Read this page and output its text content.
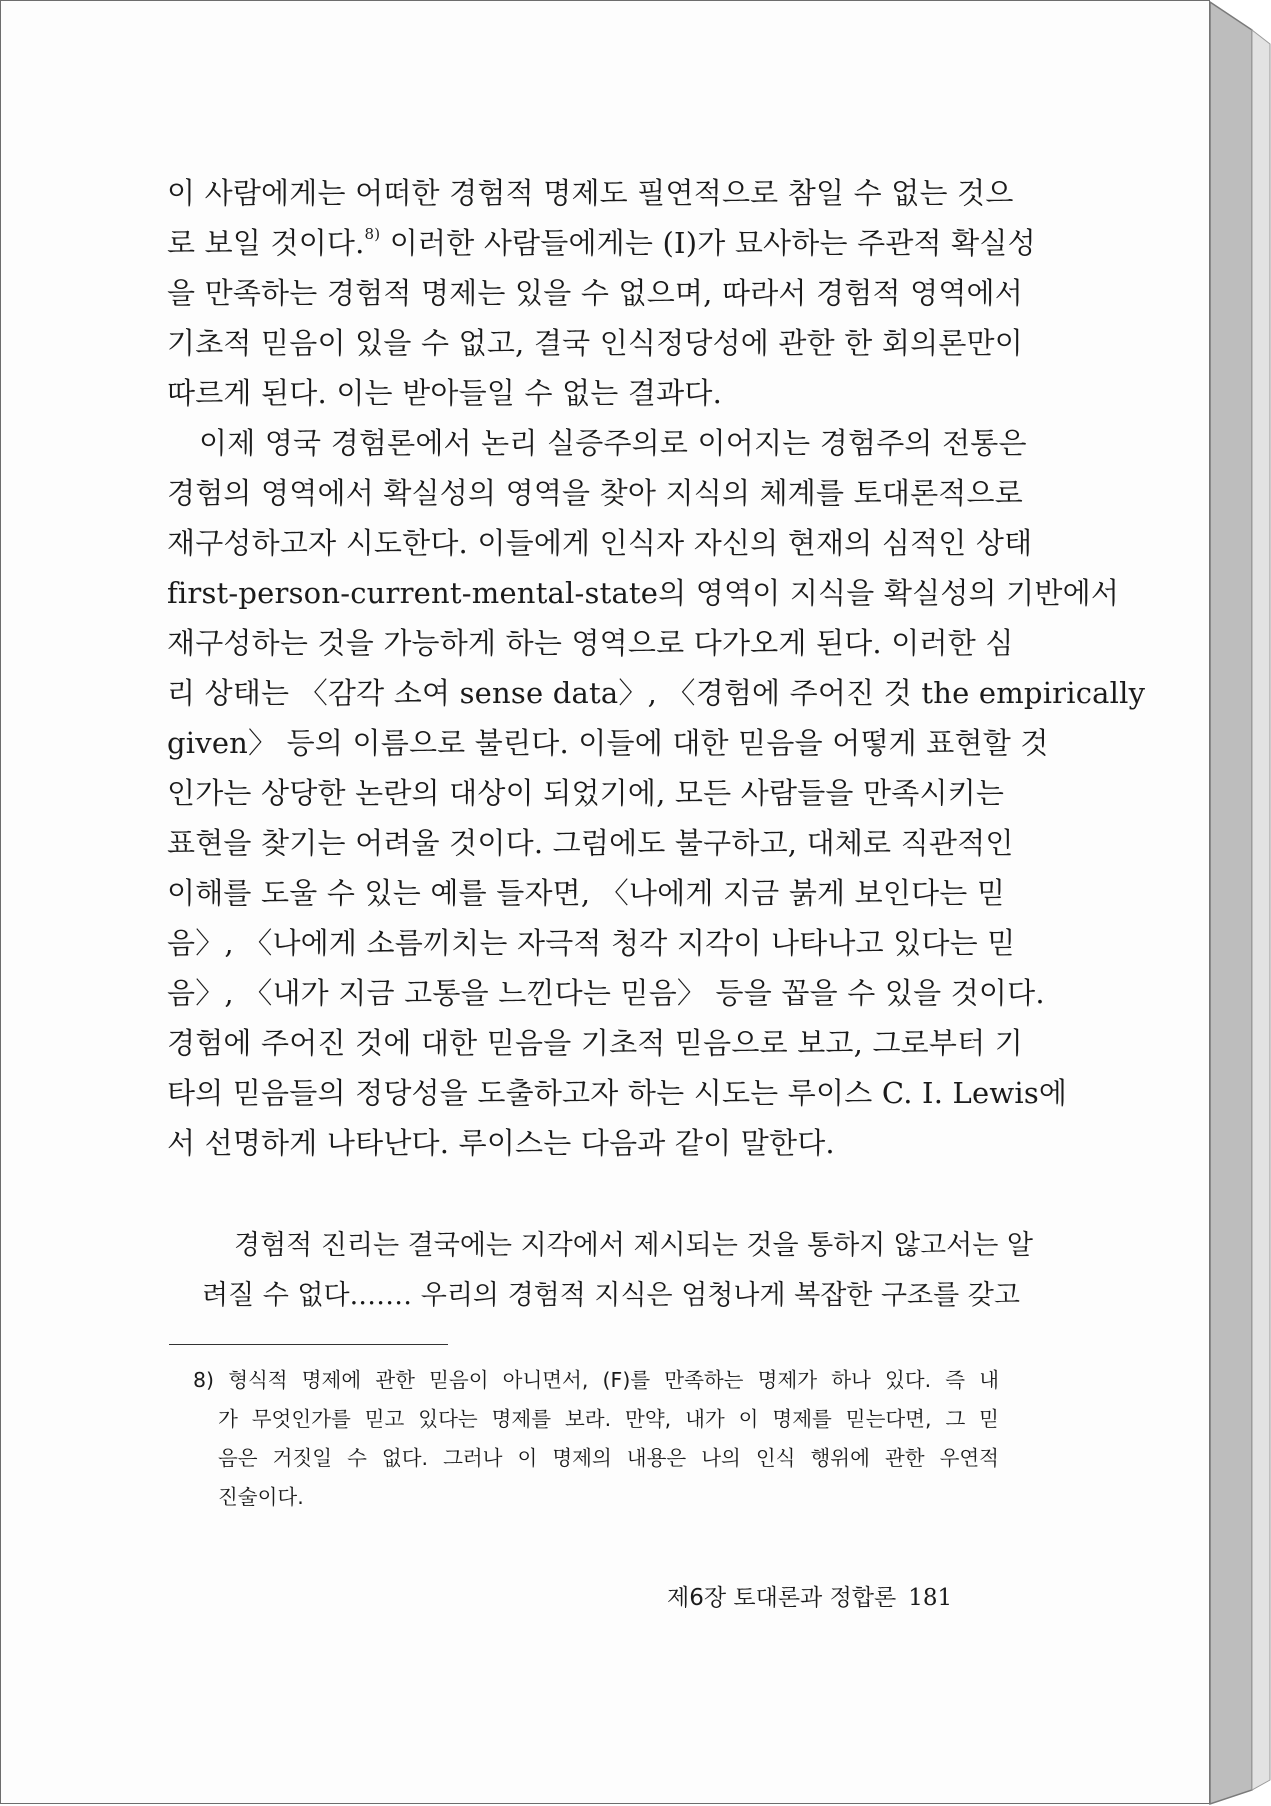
이 사람에게는 어떠한 경험적 명제도 필연적으로 참일 수 없는 것으
로 보일 것이다.$^{8)}$ 이러한 사람들에게는 (I)가 묘사하는 주관적 확실성
을 만족하는 경험적 명제는 있을 수 없으며, 따라서 경험적 영역에서
기초적 믿음이 있을 수 없고, 결국 인식정당성에 관한 한 회의론만이
따르게 된다. 이는 받아들일 수 없는 결과다.
이제 영국 경험론에서 논리 실증주의로 이어지는 경험주의 전통은
경험의 영역에서 확실성의 영역을 찾아 지식의 체계를 토대론적으로
재구성하고자 시도한다. 이들에게 인식자 자신의 현재의 심적인 상태
first-person-current-mental-state의 영역이 지식을 확실성의 기반에서
재구성하는 것을 가능하게 하는 영역으로 다가오게 된다. 이러한 심
리 상태는 〈감각 소여 sense data〉, 〈경험에 주어진 것 the empirically
given〉 등의 이름으로 불린다. 이들에 대한 믿음을 어떻게 표현할 것
인가는 상당한 논란의 대상이 되었기에, 모든 사람들을 만족시키는
표현을 찾기는 어려울 것이다. 그럼에도 불구하고, 대체로 직관적인
이해를 도울 수 있는 예를 들자면, 〈나에게 지금 붉게 보인다는 믿
음〉, 〈나에게 소름끼치는 자극적 청각 지각이 나타나고 있다는 믿
음〉, 〈내가 지금 고통을 느낀다는 믿음〉 등을 꼽을 수 있을 것이다.
경험에 주어진 것에 대한 믿음을 기초적 믿음으로 보고, 그로부터 기
타의 믿음들의 정당성을 도출하고자 하는 시도는 루이스 C. I. Lewis에
서 선명하게 나타난다. 루이스는 다음과 같이 말한다.
경험적 진리는 결국에는 지각에서 제시되는 것을 통하지 않고서는 알
려질 수 없다.…… 우리의 경험적 지식은 엄청나게 복잡한 구조를 갖고
8) 형식적 명제에 관한 믿음이 아니면서, (F)를 만족하는 명제가 하나 있다. 즉 내
가 무엇인가를 믿고 있다는 명제를 보라. 만약, 내가 이 명제를 믿는다면, 그 믿
음은 거짓일 수 없다. 그러나 이 명제의 내용은 나의 인식 행위에 관한 우연적
진술이다.
제6장 토대론과 정합론 181
